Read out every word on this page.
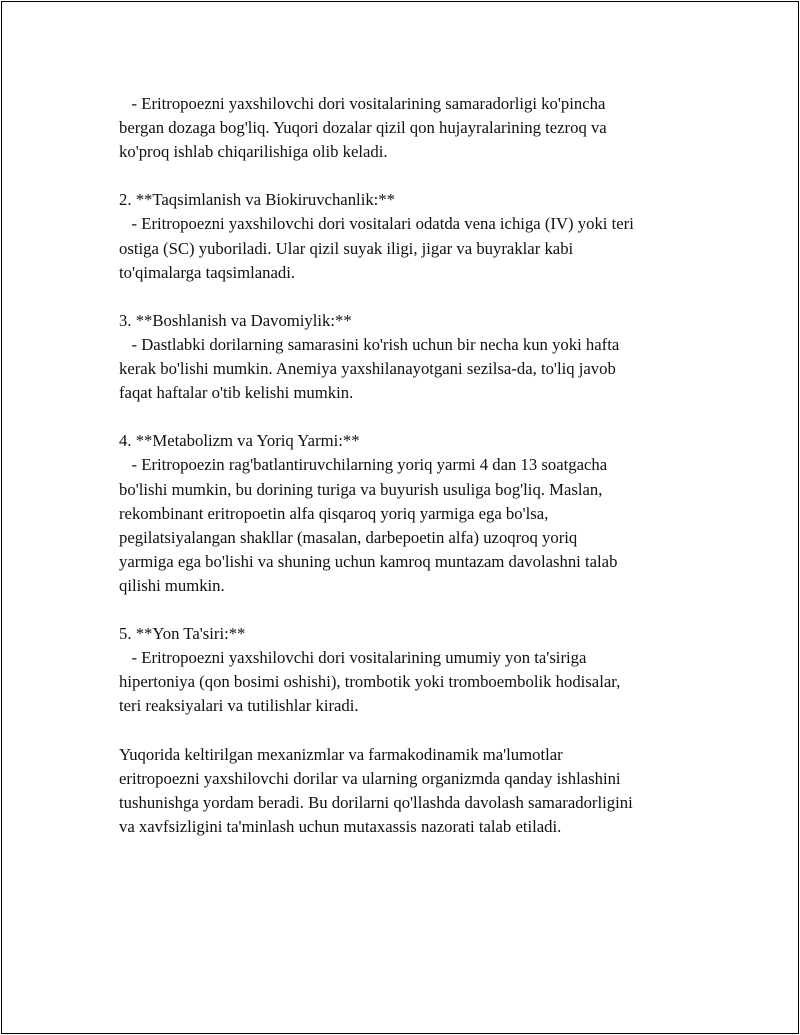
- Eritropoezni yaxshilovchi dori vositalarining samaradorligi ko'pincha
bergan dozaga bog'liq. Yuqori dozalar qizil qon hujayralarining tezroq va
ko'proq ishlab chiqarilishiga olib keladi.
2. **Taqsimlanish va Biokiruvchanlik:**
- Eritropoezni yaxshilovchi dori vositalari odatda vena ichiga (IV) yoki teri
ostiga (SC) yuboriladi. Ular qizil suyak iligi, jigar va buyraklar kabi
to'qimalarga taqsimlanadi.
3. **Boshlanish va Davomiylik:**
- Dastlabki dorilarning samarasini ko'rish uchun bir necha kun yoki hafta
kerak bo'lishi mumkin. Anemiya yaxshilanayotgani sezilsa-da, to'liq javob
faqat haftalar o'tib kelishi mumkin.
4. **Metabolizm va Yoriq Yarmi:**
- Eritropoezin rag'batlantiruvchilarning yoriq yarmi 4 dan 13 soatgacha
bo'lishi mumkin, bu dorining turiga va buyurish usuliga bog'liq. Maslan,
rekombinant eritropoetin alfa qisqaroq yoriq yarmiga ega bo'lsa,
pegilatsiyalangan shakllar (masalan, darbepoetin alfa) uzoqroq yoriq
yarmiga ega bo'lishi va shuning uchun kamroq muntazam davolashni talab
qilishi mumkin.
5. **Yon Ta'siri:**
- Eritropoezni yaxshilovchi dori vositalarining umumiy yon ta'siriga
hipertoniya (qon bosimi oshishi), trombotik yoki tromboembolik hodisalar,
teri reaksiyalari va tutilishlar kiradi.
Yuqorida keltirilgan mexanizmlar va farmakodinamik ma'lumotlar
eritropoezni yaxshilovchi dorilar va ularning organizmda qanday ishlashini
tushunishga yordam beradi. Bu dorilarni qo'llashda davolash samaradorligini
va xavfsizligini ta'minlash uchun mutaxassis nazorati talab etiladi.
